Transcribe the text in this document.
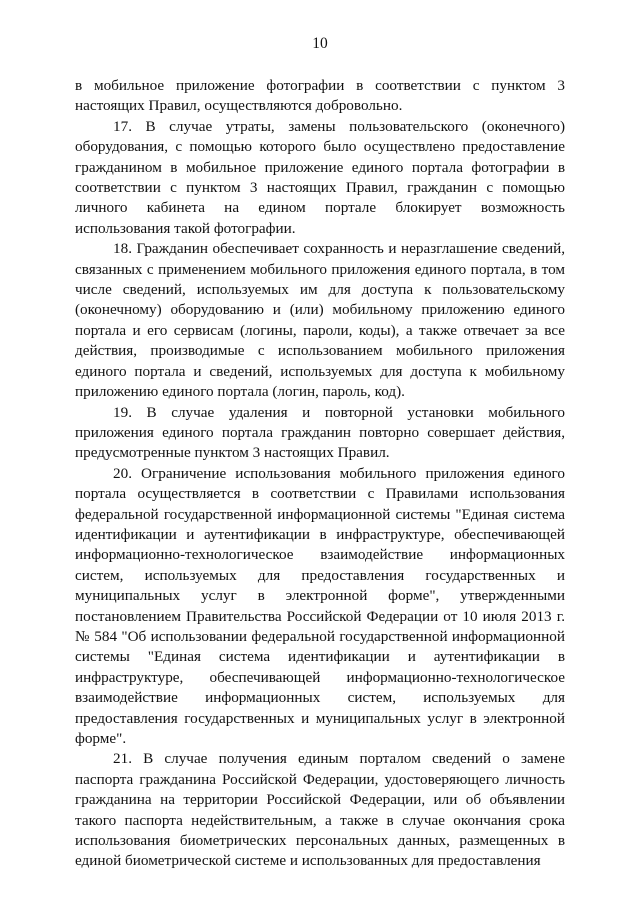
10

в мобильное приложение фотографии в соответствии с пунктом 3 настоящих Правил, осуществляются добровольно.

17. В случае утраты, замены пользовательского (оконечного) оборудования, с помощью которого было осуществлено предоставление гражданином в мобильное приложение единого портала фотографии в соответствии с пунктом 3 настоящих Правил, гражданин с помощью личного кабинета на едином портале блокирует возможность использования такой фотографии.

18. Гражданин обеспечивает сохранность и неразглашение сведений, связанных с применением мобильного приложения единого портала, в том числе сведений, используемых им для доступа к пользовательскому (оконечному) оборудованию и (или) мобильному приложению единого портала и его сервисам (логины, пароли, коды), а также отвечает за все действия, производимые с использованием мобильного приложения единого портала и сведений, используемых для доступа к мобильному приложению единого портала (логин, пароль, код).

19. В случае удаления и повторной установки мобильного приложения единого портала гражданин повторно совершает действия, предусмотренные пунктом 3 настоящих Правил.

20. Ограничение использования мобильного приложения единого портала осуществляется в соответствии с Правилами использования федеральной государственной информационной системы "Единая система идентификации и аутентификации в инфраструктуре, обеспечивающей информационно-технологическое взаимодействие информационных систем, используемых для предоставления государственных и муниципальных услуг в электронной форме", утвержденными постановлением Правительства Российской Федерации от 10 июля 2013 г. № 584 "Об использовании федеральной государственной информационной системы "Единая система идентификации и аутентификации в инфраструктуре, обеспечивающей информационно-технологическое взаимодействие информационных систем, используемых для предоставления государственных и муниципальных услуг в электронной форме".

21. В случае получения единым порталом сведений о замене паспорта гражданина Российской Федерации, удостоверяющего личность гражданина на территории Российской Федерации, или об объявлении такого паспорта недействительным, а также в случае окончания срока использования биометрических персональных данных, размещенных в единой биометрической системе и использованных для предоставления
